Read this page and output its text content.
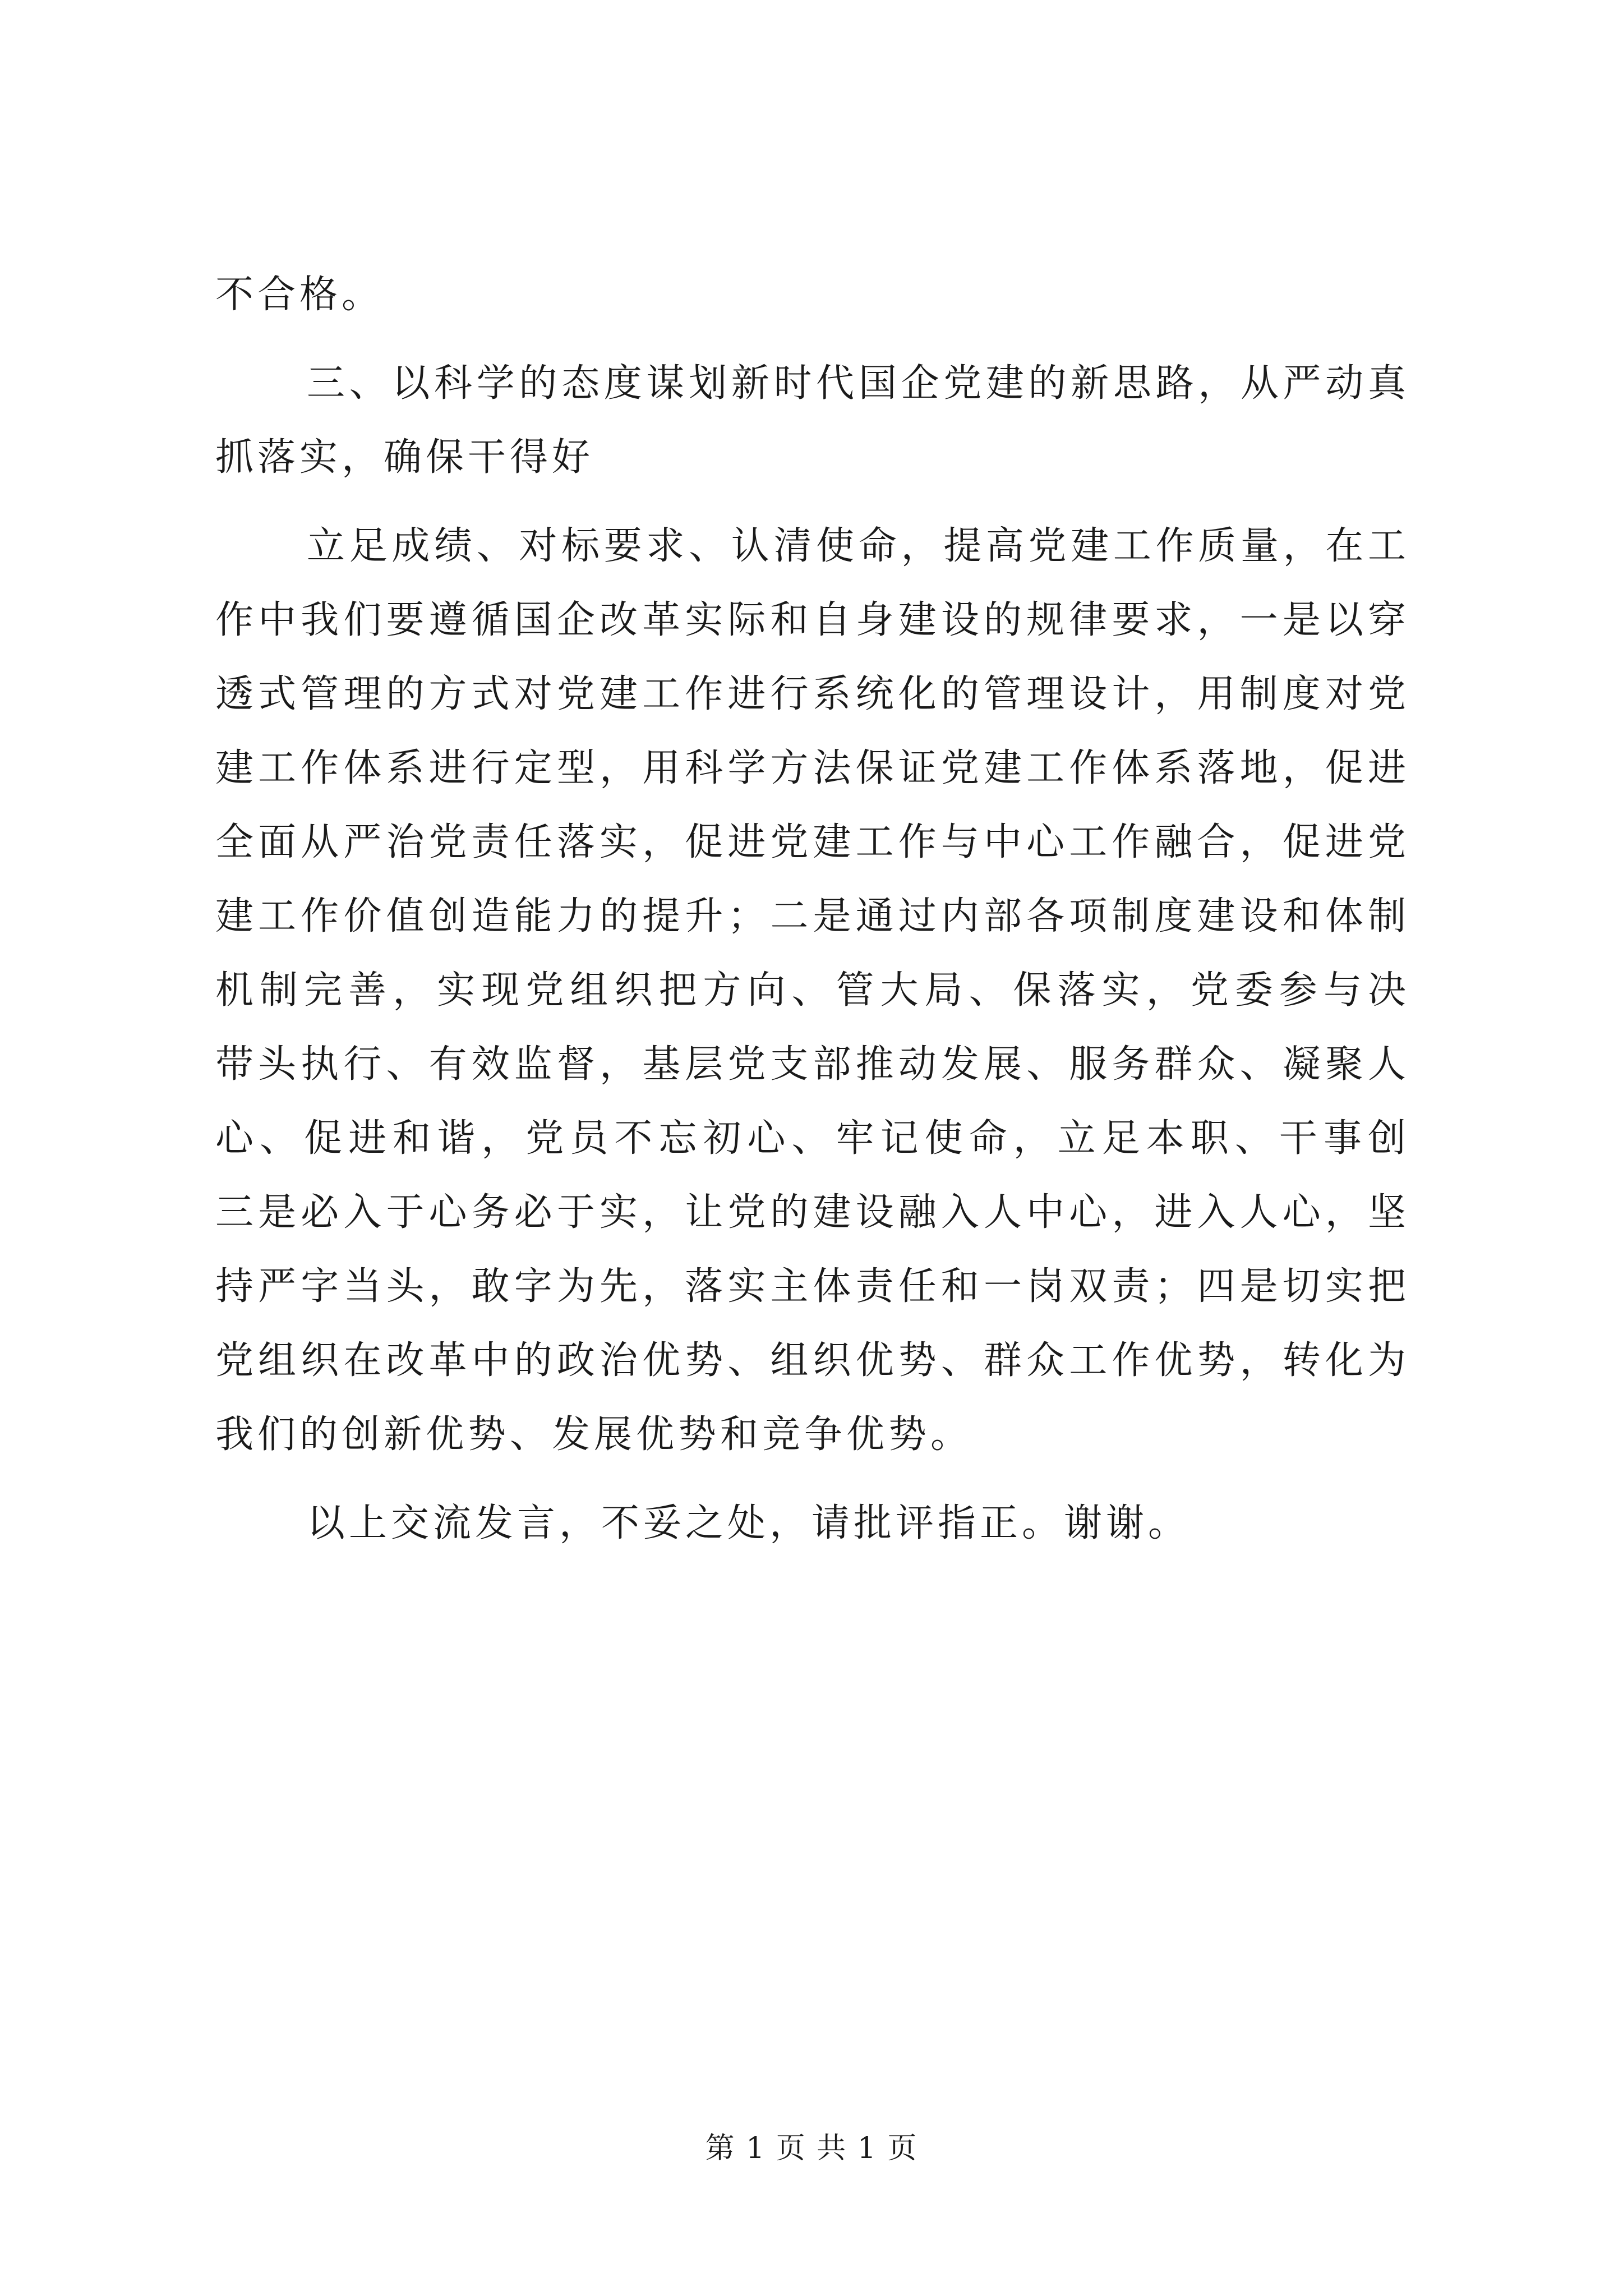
不合格。
三、以科学的态度谋划新时代国企党建的新思路，从严动真
抓落实，确保干得好
立足成绩、对标要求、认清使命，提高党建工作质量，在工
作中我们要遵循国企改革实际和自身建设的规律要求，一是以穿
透式管理的方式对党建工作进行系统化的管理设计，用制度对党
建工作体系进行定型，用科学方法保证党建工作体系落地，促进
全面从严治党责任落实，促进党建工作与中心工作融合，促进党
建工作价值创造能力的提升；二是通过内部各项制度建设和体制
机制完善，实现党组织把方向、管大局、保落实，党委参与决
带头执行、有效监督，基层党支部推动发展、服务群众、凝聚人
心、促进和谐，党员不忘初心、牢记使命，立足本职、干事创
三是必入于心务必于实，让党的建设融入人中心，进入人心，坚
持严字当头，敢字为先，落实主体责任和一岗双责；四是切实把
党组织在改革中的政治优势、组织优势、群众工作优势，转化为
我们的创新优势、发展优势和竞争优势。
以上交流发言，不妥之处，请批评指正。谢谢。
第 1 页 共 1 页
